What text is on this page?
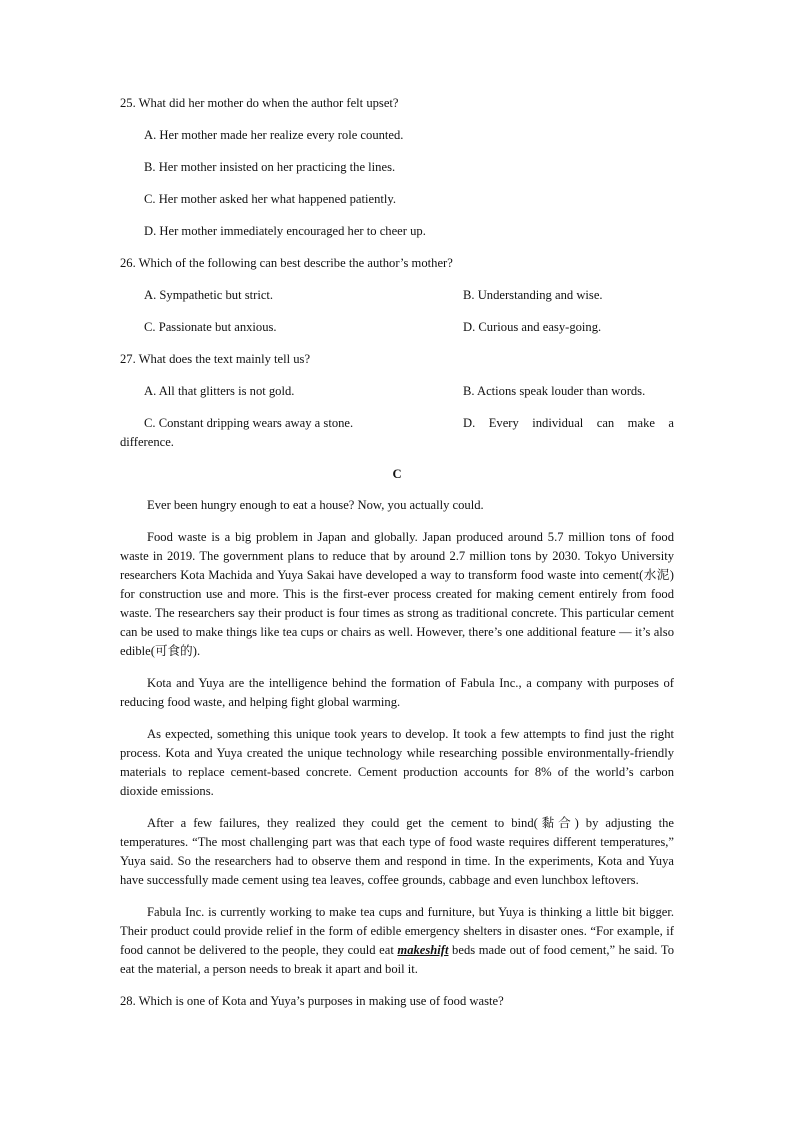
25. What did her mother do when the author felt upset?
A. Her mother made her realize every role counted.
B. Her mother insisted on her practicing the lines.
C. Her mother asked her what happened patiently.
D. Her mother immediately encouraged her to cheer up.
26. Which of the following can best describe the author’s mother?
A. Sympathetic but strict.	B. Understanding and wise.
C. Passionate but anxious.	D. Curious and easy-going.
27. What does the text mainly tell us?
A. All that glitters is not gold.	B. Actions speak louder than words.
C. Constant dripping wears away a stone.	D. Every individual can make a
difference.
C

Ever been hungry enough to eat a house? Now, you actually could.

Food waste is a big problem in Japan and globally. Japan produced around 5.7 million tons of food waste in 2019. The government plans to reduce that by around 2.7 million tons by 2030. Tokyo University researchers Kota Machida and Yuya Sakai have developed a way to transform food waste into cement(水泥) for construction use and more. This is the first-ever process created for making cement entirely from food waste. The researchers say their product is four times as strong as traditional concrete. This particular cement can be used to make things like tea cups or chairs as well. However, there’s one additional feature — it’s also edible(可食的).

Kota and Yuya are the intelligence behind the formation of Fabula Inc., a company with purposes of reducing food waste, and helping fight global warming.

As expected, something this unique took years to develop. It took a few attempts to find just the right process. Kota and Yuya created the unique technology while researching possible environmentally-friendly materials to replace cement-based concrete. Cement production accounts for 8% of the world’s carbon dioxide emissions.

After a few failures, they realized they could get the cement to bind(黏合) by adjusting the temperatures. “The most challenging part was that each type of food waste requires different temperatures,” Yuya said. So the researchers had to observe them and respond in time. In the experiments, Kota and Yuya have successfully made cement using tea leaves, coffee grounds, cabbage and even lunchbox leftovers.

Fabula Inc. is currently working to make tea cups and furniture, but Yuya is thinking a little bit bigger. Their product could provide relief in the form of edible emergency shelters in disaster ones. “For example, if food cannot be delivered to the people, they could eat makeshift beds made out of food cement,” he said. To eat the material, a person needs to break it apart and boil it.

28. Which is one of Kota and Yuya’s purposes in making use of food waste?
